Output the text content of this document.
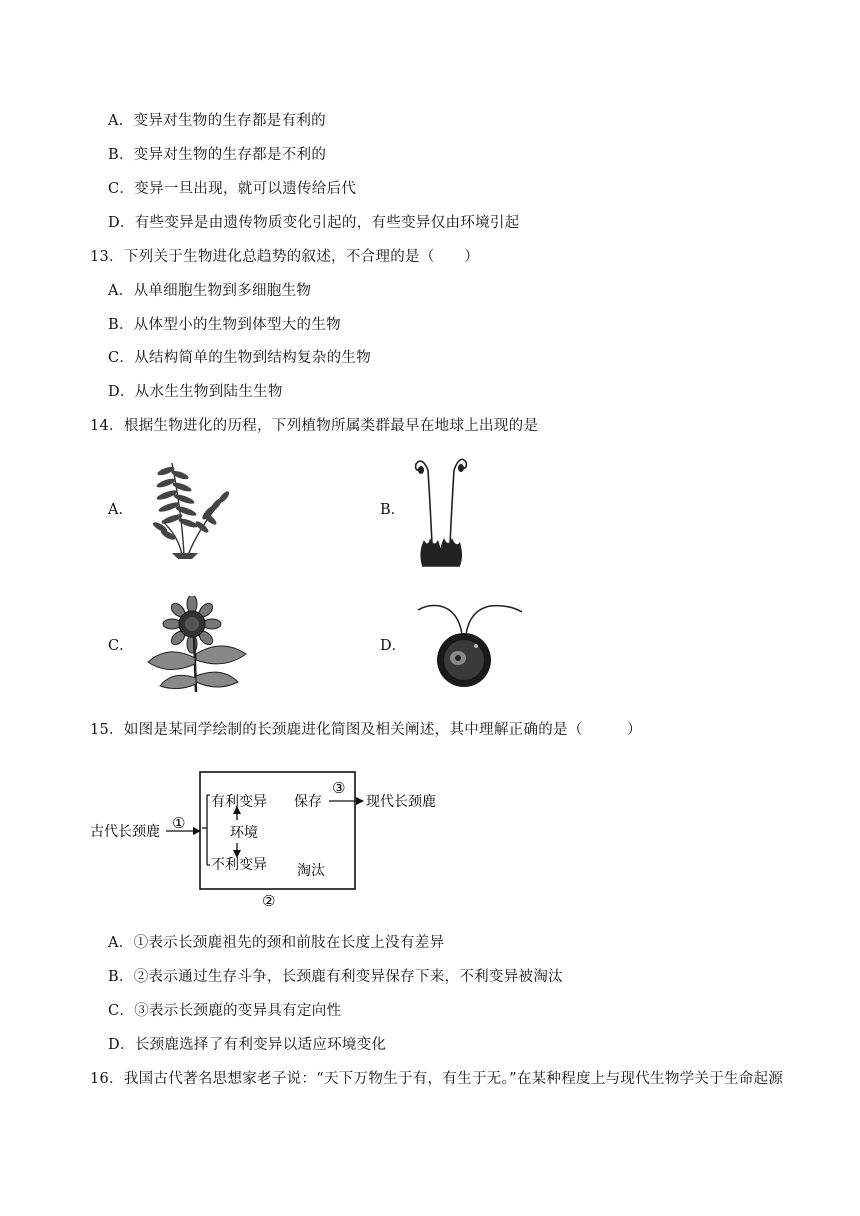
A．变异对生物的生存都是有利的
B．变异对生物的生存都是不利的
C．变异一旦出现，就可以遗传给后代
D．有些变异是由遗传物质变化引起的，有些变异仅由环境引起
13．下列关于生物进化总趋势的叙述，不合理的是（　　）
A．从单细胞生物到多细胞生物
B．从体型小的生物到体型大的生物
C．从结构简单的生物到结构复杂的生物
D．从水生生物到陆生生物
14．根据生物进化的历程，下列植物所属类群最早在地球上出现的是
A．	B．
C．	D．
15．如图是某同学绘制的长颈鹿进化简图及相关阐述，其中理解正确的是（　　　）
古代长颈鹿 ①
有利变异
环境
不利变异
保存
淘汰
③
现代长颈鹿
②
A．①表示长颈鹿祖先的颈和前肢在长度上没有差异
B．②表示通过生存斗争，长颈鹿有利变异保存下来，不利变异被淘汰
C．③表示长颈鹿的变异具有定向性
D．长颈鹿选择了有利变异以适应环境变化
16．我国古代著名思想家老子说：“天下万物生于有，有生于无。”在某种程度上与现代生物学关于生命起源
